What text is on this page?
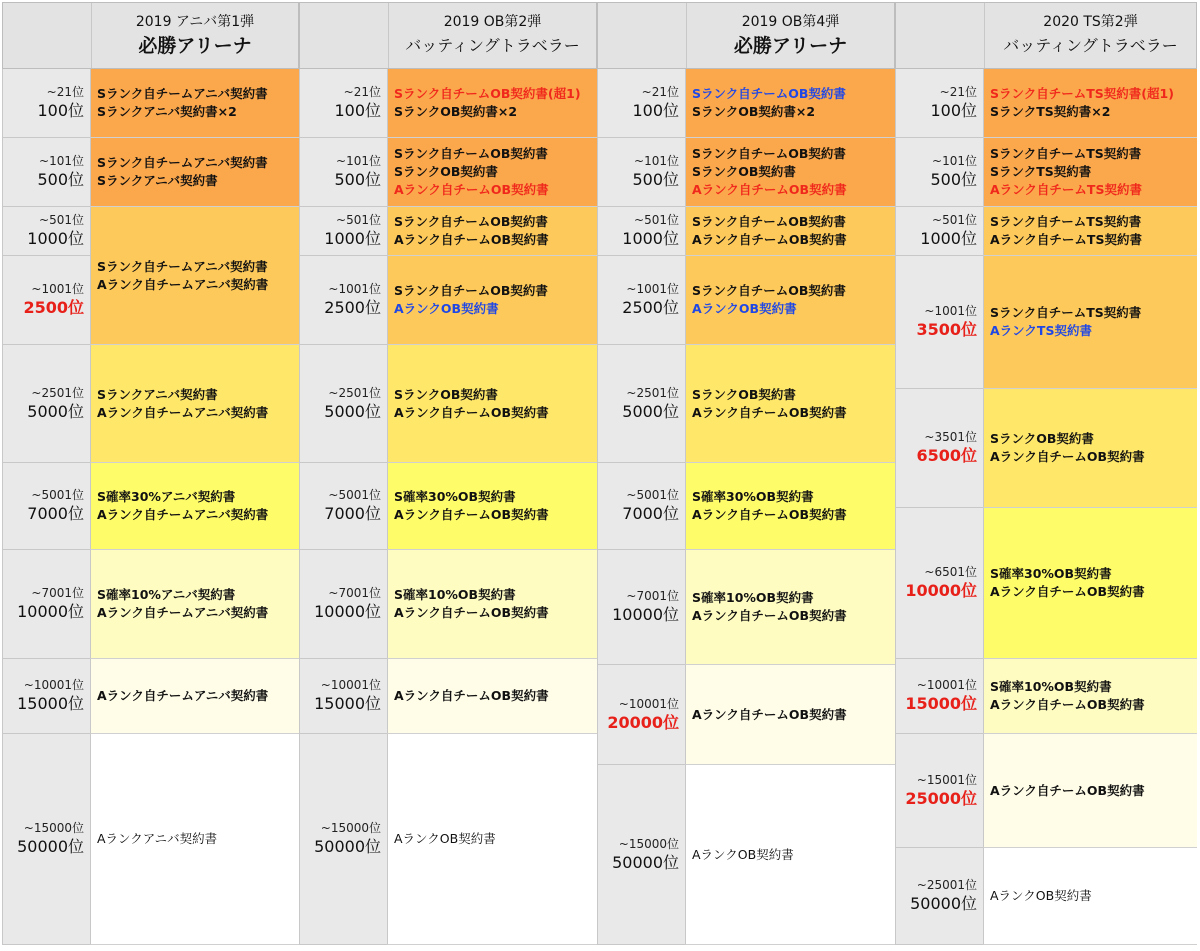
2019 アニバ第1弾
必勝アリーナ
~21位
100位
~101位
500位
~501位
1000位
~1001位
2500位
~2501位
5000位
~5001位
7000位
~7001位
10000位
~10001位
15000位
~15000位
50000位
Sランク自チームアニバ契約書
Sランクアニバ契約書×2
Sランク自チームアニバ契約書
Sランクアニバ契約書
Sランク自チームアニバ契約書
Aランク自チームアニバ契約書
Sランクアニバ契約書
Aランク自チームアニバ契約書
S確率30%アニバ契約書
Aランク自チームアニバ契約書
S確率10%アニバ契約書
Aランク自チームアニバ契約書
Aランク自チームアニバ契約書
Aランクアニバ契約書
2019 OB第2弾
バッティングトラベラー
~21位
100位
~101位
500位
~501位
1000位
~1001位
2500位
~2501位
5000位
~5001位
7000位
~7001位
10000位
~10001位
15000位
~15000位
50000位
Sランク自チームOB契約書(超1)
SランクOB契約書×2
Sランク自チームOB契約書
SランクOB契約書
Aランク自チームOB契約書
Sランク自チームOB契約書
Aランク自チームOB契約書
Sランク自チームOB契約書
AランクOB契約書
SランクOB契約書
Aランク自チームOB契約書
S確率30%OB契約書
Aランク自チームOB契約書
S確率10%OB契約書
Aランク自チームOB契約書
Aランク自チームOB契約書
AランクOB契約書
2019 OB第4弾
必勝アリーナ
~21位
100位
~101位
500位
~501位
1000位
~1001位
2500位
~2501位
5000位
~5001位
7000位
~7001位
10000位
~10001位
20000位
~15000位
50000位
Sランク自チームOB契約書
SランクOB契約書×2
Sランク自チームOB契約書
SランクOB契約書
Aランク自チームOB契約書
Sランク自チームOB契約書
Aランク自チームOB契約書
Sランク自チームOB契約書
AランクOB契約書
SランクOB契約書
Aランク自チームOB契約書
S確率30%OB契約書
Aランク自チームOB契約書
S確率10%OB契約書
Aランク自チームOB契約書
Aランク自チームOB契約書
AランクOB契約書
2020 TS第2弾
バッティングトラベラー
~21位
100位
~101位
500位
~501位
1000位
~1001位
3500位
~3501位
6500位
~6501位
10000位
~10001位
15000位
~15001位
25000位
~25001位
50000位
Sランク自チームTS契約書(超1)
SランクTS契約書×2
Sランク自チームTS契約書
SランクTS契約書
Aランク自チームTS契約書
Sランク自チームTS契約書
Aランク自チームTS契約書
Sランク自チームTS契約書
AランクTS契約書
SランクOB契約書
Aランク自チームOB契約書
S確率30%OB契約書
Aランク自チームOB契約書
S確率10%OB契約書
Aランク自チームOB契約書
Aランク自チームOB契約書
AランクOB契約書
